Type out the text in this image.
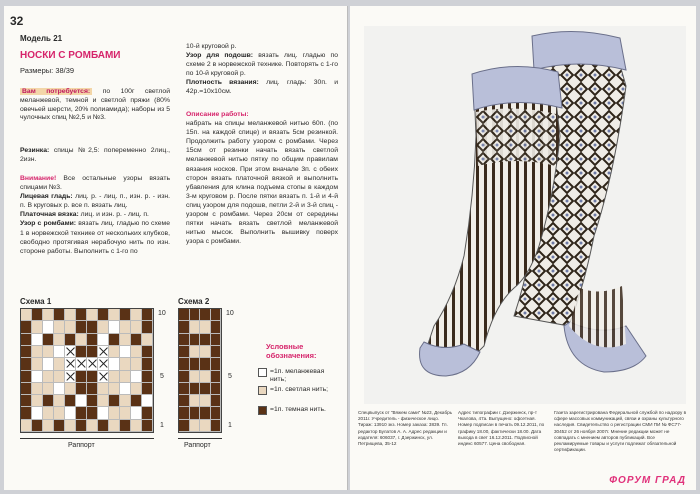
32
Модель 21
НОСКИ С РОМБАМИ
Размеры: 38/39
Вам потребуется: по 100г светлой меланжевой, темной и светлой пряжи (80% овечьей шерсти, 20% полиамида); наборы из 5 чулочных спиц №2,5 и №3.
Резинка: спицы №2,5: попеременно 2лиц., 2изн.
Внимание! Все остальные узоры вязать спицами №3.
Лицевая гладь: лиц. р. - лиц. п., изн. р. - изн. п. В круговых р. все п. вязать лиц.
Платочная вязка: лиц. и изн. р. - лиц. п.
Узор с ромбами: вязать лиц. гладью по схеме 1 в норвежской технике от нескольких клубков, свободно протягивая нерабочую нить по изн. стороне работы. Выполнить с 1-го по
10-й круговой р.
Узор для подошв: вязать лиц. гладью по схеме 2 в норвежской технике. Повторять с 1-го по 10-й круговой р.
Плотность вязания: лиц. гладь: 30п. и 42р.=10х10см.
Описание работы:
набрать на спицы меланжевой нитью 60п. (по 15п. на каждой спице) и вязать 5см резинкой. Продолжить работу узором с ромбами. Через 15см от резинки начать вязать светлой меланжевой нитью пятку по общим правилам вязания носков. При этом вначале 3п. с обеих сторон вязать платочной вязкой и выполнить убавления для клина подъема стопы в каждом 3-м круговом р. После пятки вязать п. 1-й и 4-й спиц узором для подошв, петли 2-й и 3-й спиц - узором с ромбами. Через 20см от середины пятки начать вязать светлой меланжевой нитью мысок. Выполнить вышивку поверх узора с ромбами.
Схема 1
10
5
1
Раппорт
Схема 2
10
5
1
Раппорт
Условные обозначения:
=1п. меланжевая нить;
=1п. светлая нить;
=1п. темная нить.	Спецвыпуск от "Вяжем сами" №23, Декабрь 2011г. Учредитель - физическое лицо. Тираж: 13910 экз. Номер заказа: 3839. Гл. редактор Булатов А. А. Адрес редакции и издателя: 606037, г. Дзержинск, ул. Петрищева, 35-12
Адрес типографии г. Дзержинск, пр-т Чкалова, 47а. Выпущено: офсетная. Номер подписан в печать 09.12.2011, по графику 18.00, фактически 18.00. Дата выхода в свет 16.12.2011. Подписной индекс 60577. Цена свободная.
Газета зарегистрирована Федеральной службой по надзору в сфере массовых коммуникаций, связи и охраны культурного наследия. Свидетельство о регистрации СМИ ПИ № ФС77-30452 от 26 ноября 2007г. Мнение редакции может не совпадать с мнением авторов публикаций. Все рекламируемые товары и услуги подлежат обязательной сертификации.
ФОРУМ ГРАД
